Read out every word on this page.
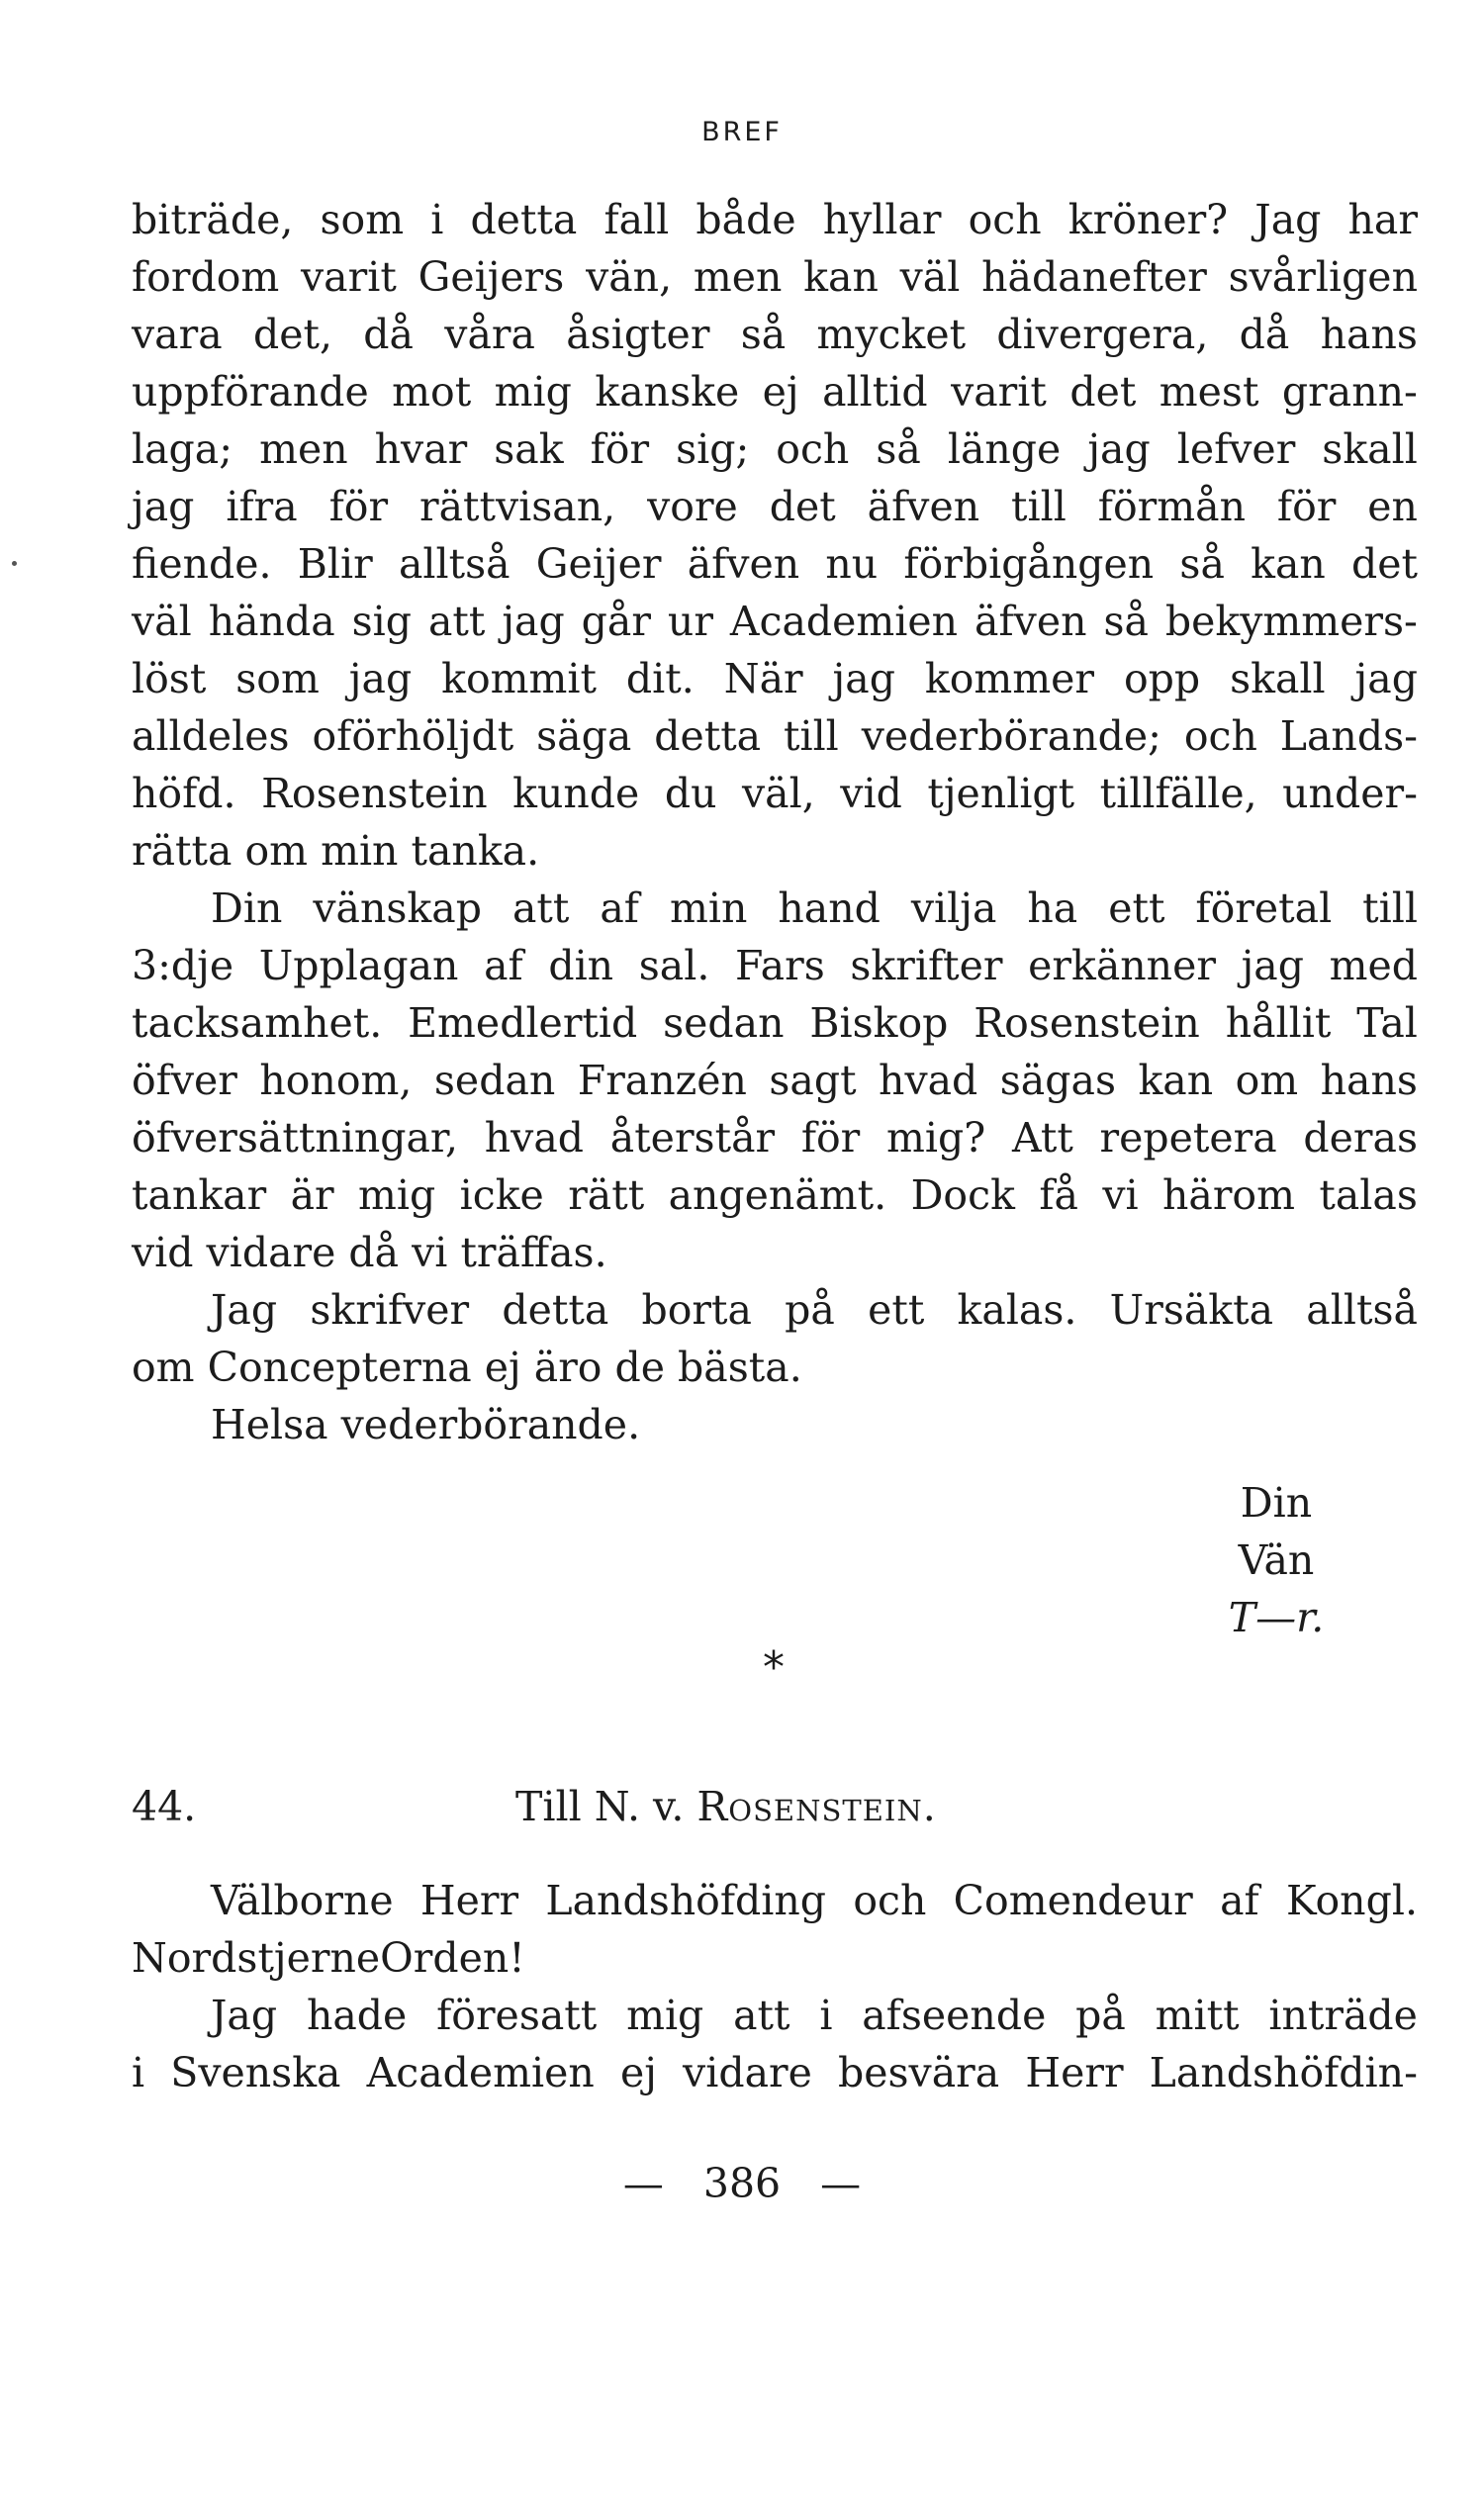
BREF
biträde, som i detta fall både hyllar och kröner? Jag har
fordom varit Geijers vän, men kan väl hädanefter svårligen
vara det, då våra åsigter så mycket divergera, då hans
uppförande mot mig kanske ej alltid varit det mest grann-
laga; men hvar sak för sig; och så länge jag lefver skall
jag ifra för rättvisan, vore det äfven till förmån för en
fiende. Blir alltså Geijer äfven nu förbigången så kan det
väl hända sig att jag går ur Academien äfven så bekymmers-
löst som jag kommit dit. När jag kommer opp skall jag
alldeles oförhöljdt säga detta till vederbörande; och Lands-
höfd. Rosenstein kunde du väl, vid tjenligt tillfälle, under-
rätta om min tanka.
Din vänskap att af min hand vilja ha ett företal till
3:dje Upplagan af din sal. Fars skrifter erkänner jag med
tacksamhet. Emedlertid sedan Biskop Rosenstein hållit Tal
öfver honom, sedan Franzén sagt hvad sägas kan om hans
öfversättningar, hvad återstår för mig? Att repetera deras
tankar är mig icke rätt angenämt. Dock få vi härom talas
vid vidare då vi träffas.
Jag skrifver detta borta på ett kalas. Ursäkta alltså
om Concepterna ej äro de bästa.
Helsa vederbörande.
Din
Vän
T—r.
*
44.	Till N. v. Rosenstein.
Välborne Herr Landshöfding och Comendeur af Kongl.
NordstjerneOrden!
Jag hade föresatt mig att i afseende på mitt inträde
i Svenska Academien ej vidare besvära Herr Landshöfdin-
— 386 —
